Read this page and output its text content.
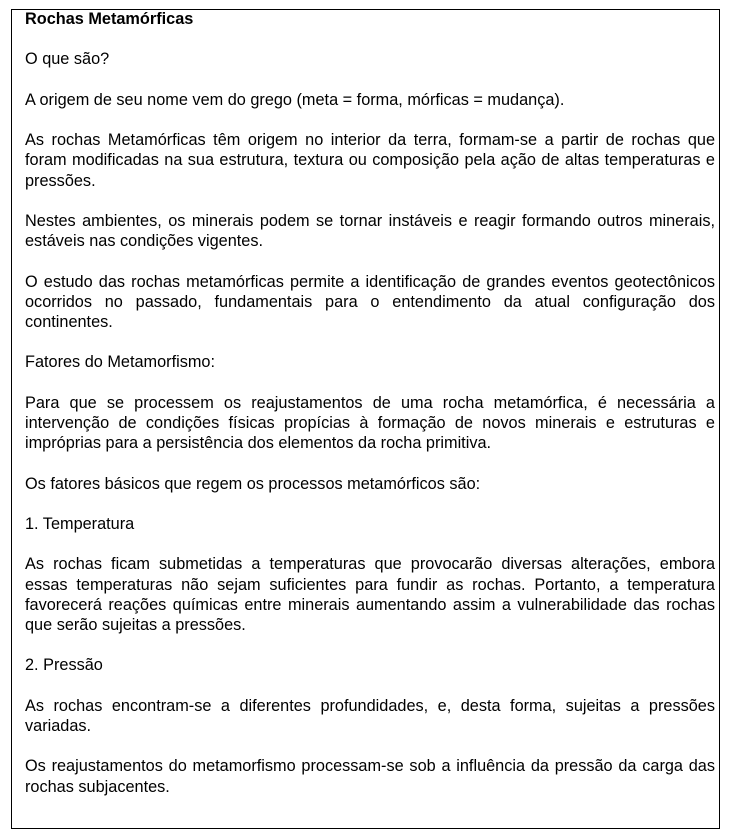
Rochas Metamórficas

O que são?

A origem de seu nome vem do grego (meta = forma, mórficas = mudança).

As rochas Metamórficas têm origem no interior da terra, formam-se a partir de rochas que foram modificadas na sua estrutura, textura ou composição pela ação de altas temperaturas e pressões.

Nestes ambientes, os minerais podem se tornar instáveis e reagir formando outros minerais, estáveis nas condições vigentes.

O estudo das rochas metamórficas permite a identificação de grandes eventos geotectônicos ocorridos no passado, fundamentais para o entendimento da atual configuração dos continentes.

Fatores do Metamorfismo:

Para que se processem os reajustamentos de uma rocha metamórfica, é necessária a intervenção de condições físicas propícias à formação de novos minerais e estruturas e impróprias para a persistência dos elementos da rocha primitiva.

Os fatores básicos que regem os processos metamórficos são:

1. Temperatura

As rochas ficam submetidas a temperaturas que provocarão diversas alterações, embora essas temperaturas não sejam suficientes para fundir as rochas. Portanto, a temperatura favorecerá reações químicas entre minerais aumentando assim a vulnerabilidade das rochas que serão sujeitas a pressões.

2. Pressão

As rochas encontram-se a diferentes profundidades, e, desta forma, sujeitas a pressões variadas.

Os reajustamentos do metamorfismo processam-se sob a influência da pressão da carga das rochas subjacentes.
